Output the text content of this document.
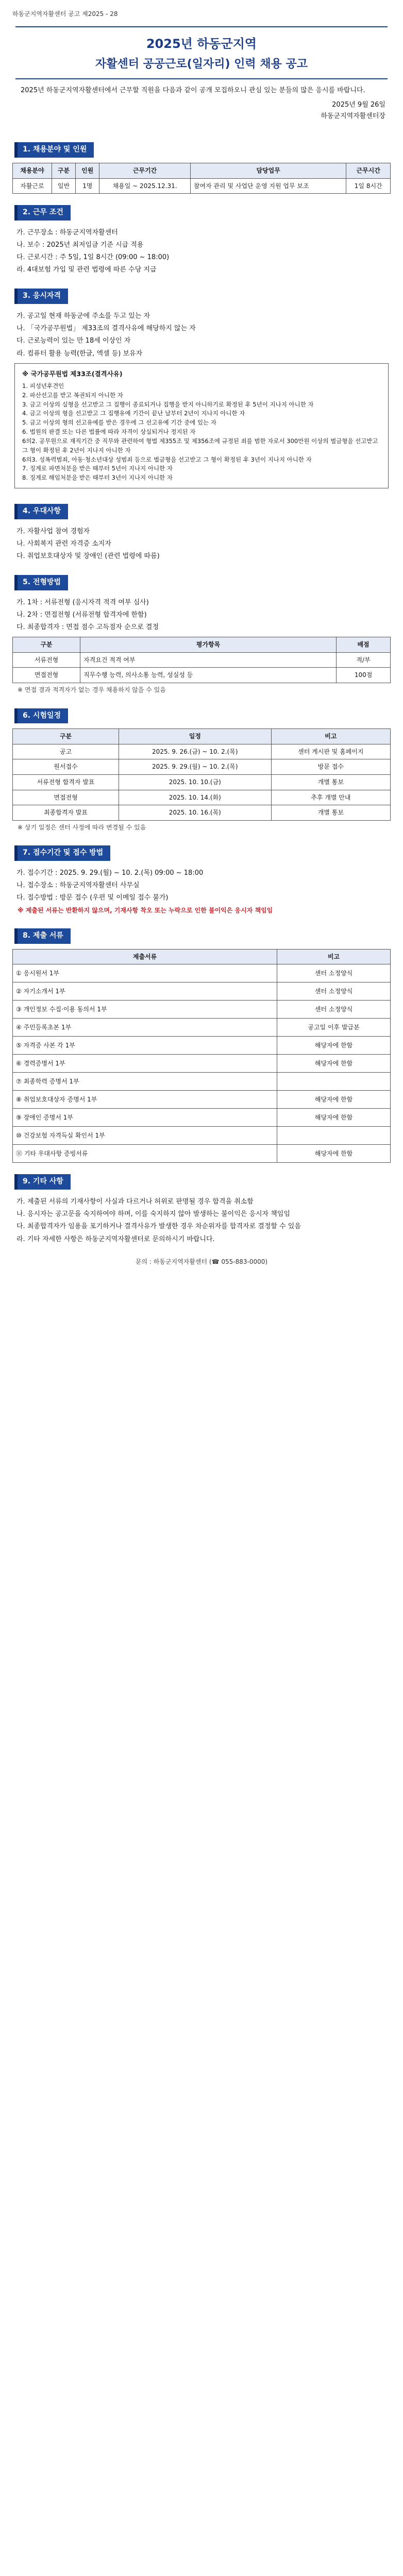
하동군지역자활센터 공고 제2025 - 28
2025년 하동군지역
자활센터 공공근로(일자리) 인력 채용 공고
2025년 하동군지역자활센터에서 근무할 직원을 다음과 같이 공개 모집하오니 관심 있는 분들의 많은 응시를 바랍니다.
2025년 9월 26일
하동군지역자활센터장
1. 채용분야 및 인원
채용분야	구분	인원	근무기간	담당업무	근무시간
자활근로	일반	1명	채용일 ~ 2025.12.31.	참여자 관리 및 사업단 운영 지원 업무 보조	1일 8시간
2. 근무 조건
가. 근무장소 : 하동군지역자활센터
나. 보수 : 2025년 최저임금 기준 시급 적용
다. 근로시간 : 주 5일, 1일 8시간 (09:00 ~ 18:00)
라. 4대보험 가입 및 관련 법령에 따른 수당 지급
3. 응시자격
가. 공고일 현재 하동군에 주소를 두고 있는 자
나. 「국가공무원법」 제33조의 결격사유에 해당하지 않는 자
다. 근로능력이 있는 만 18세 이상인 자
라. 컴퓨터 활용 능력(한글, 엑셀 등) 보유자
※ 국가공무원법 제33조(결격사유)
1. 피성년후견인
2. 파산선고를 받고 복권되지 아니한 자
3. 금고 이상의 실형을 선고받고 그 집행이 종료되거나 집행을 받지 아니하기로 확정된 후 5년이 지나지 아니한 자
4. 금고 이상의 형을 선고받고 그 집행유예 기간이 끝난 날부터 2년이 지나지 아니한 자
5. 금고 이상의 형의 선고유예를 받은 경우에 그 선고유예 기간 중에 있는 자
6. 법원의 판결 또는 다른 법률에 따라 자격이 상실되거나 정지된 자
6의2. 공무원으로 재직기간 중 직무와 관련하여 형법 제355조 및 제356조에 규정된 죄를 범한 자로서 300만원 이상의 벌금형을 선고받고 그 형이 확정된 후 2년이 지나지 아니한 자
6의3. 성폭력범죄, 아동·청소년대상 성범죄 등으로 벌금형을 선고받고 그 형이 확정된 후 3년이 지나지 아니한 자
7. 징계로 파면처분을 받은 때부터 5년이 지나지 아니한 자
8. 징계로 해임처분을 받은 때부터 3년이 지나지 아니한 자
4. 우대사항
가. 자활사업 참여 경험자
나. 사회복지 관련 자격증 소지자
다. 취업보호대상자 및 장애인 (관련 법령에 따름)
5. 전형방법
가. 1차 : 서류전형 (응시자격 적격 여부 심사)
나. 2차 : 면접전형 (서류전형 합격자에 한함)
다. 최종합격자 : 면접 점수 고득점자 순으로 결정
구분	평가항목	배점
서류전형	자격요건 적격 여부	적/부
면접전형	직무수행 능력, 의사소통 능력, 성실성 등	100점
※ 면접 결과 적격자가 없는 경우 채용하지 않을 수 있음
6. 시험일정
구분	일정	비고
공고	2025. 9. 26.(금) ~ 10. 2.(목)	센터 게시판 및 홈페이지
원서접수	2025. 9. 29.(월) ~ 10. 2.(목)	방문 접수
서류전형 합격자 발표	2025. 10. 10.(금)	개별 통보
면접전형	2025. 10. 14.(화)	추후 개별 안내
최종합격자 발표	2025. 10. 16.(목)	개별 통보
※ 상기 일정은 센터 사정에 따라 변경될 수 있음
7. 접수기간 및 접수 방법
가. 접수기간 : 2025. 9. 29.(월) ~ 10. 2.(목) 09:00 ~ 18:00
나. 접수장소 : 하동군지역자활센터 사무실
다. 접수방법 : 방문 접수 (우편 및 이메일 접수 불가)
※ 제출된 서류는 반환하지 않으며, 기재사항 착오 또는 누락으로 인한 불이익은 응시자 책임임
8. 제출 서류
제출서류	비고
① 응시원서 1부	센터 소정양식
② 자기소개서 1부	센터 소정양식
③ 개인정보 수집·이용 동의서 1부	센터 소정양식
④ 주민등록초본 1부	공고일 이후 발급분
⑤ 자격증 사본 각 1부	해당자에 한함
⑥ 경력증명서 1부	해당자에 한함
⑦ 최종학력 증명서 1부	
⑧ 취업보호대상자 증명서 1부	해당자에 한함
⑨ 장애인 증명서 1부	해당자에 한함
⑩ 건강보험 자격득실 확인서 1부	
⑪ 기타 우대사항 증빙서류	해당자에 한함
9. 기타 사항
가. 제출된 서류의 기재사항이 사실과 다르거나 허위로 판명될 경우 합격을 취소함
나. 응시자는 공고문을 숙지하여야 하며, 이를 숙지하지 않아 발생하는 불이익은 응시자 책임임
다. 최종합격자가 임용을 포기하거나 결격사유가 발생한 경우 차순위자를 합격자로 결정할 수 있음
라. 기타 자세한 사항은 하동군지역자활센터로 문의하시기 바랍니다.
문의 : 하동군지역자활센터 (☎ 055-883-0000)
